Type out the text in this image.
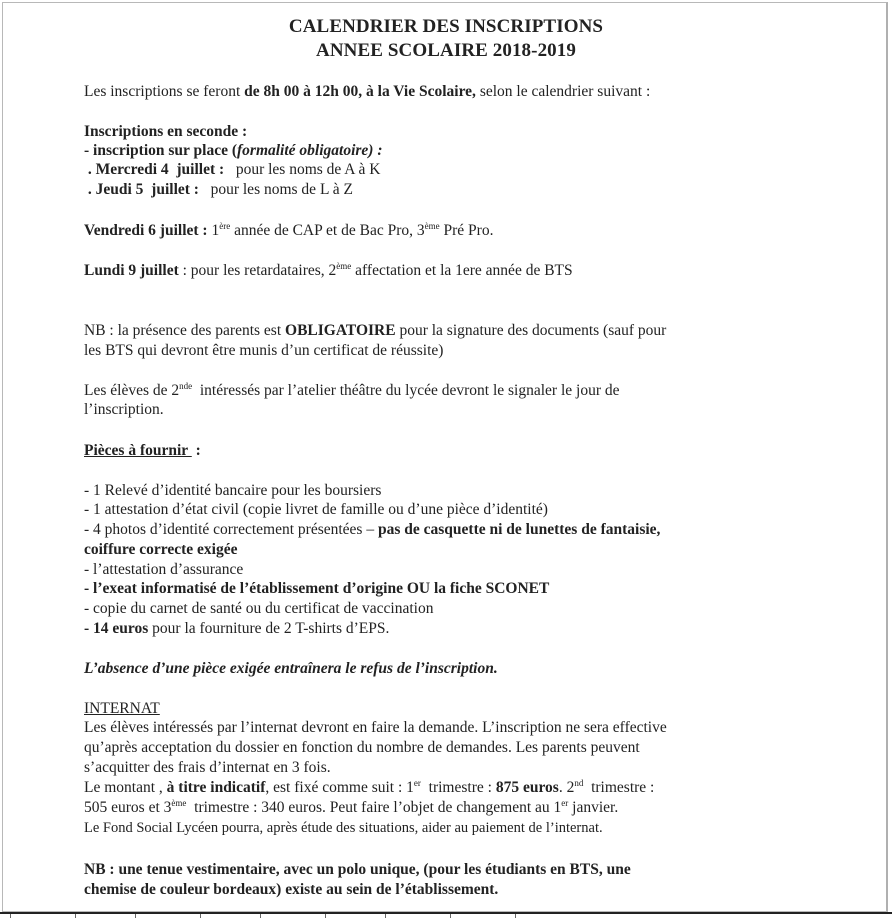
CALENDRIER DES INSCRIPTIONS
ANNEE SCOLAIRE 2018-2019
Les inscriptions se feront de 8h 00 à 12h 00, à la Vie Scolaire, selon le calendrier suivant :
Inscriptions en seconde :
- inscription sur place (formalité obligatoire) :
. Mercredi 4  juillet :   pour les noms de A à K
. Jeudi 5  juillet :   pour les noms de L à Z
Vendredi 6 juillet : 1ère année de CAP et de Bac Pro, 3ème Pré Pro.
Lundi 9 juillet : pour les retardataires, 2ème affectation et la 1ere année de BTS
NB : la présence des parents est OBLIGATOIRE pour la signature des documents (sauf pour
les BTS qui devront être munis d’un certificat de réussite)
Les élèves de 2nde  intéressés par l’atelier théâtre du lycée devront le signaler le jour de
l’inscription.
Pièces à fournir  :
- 1 Relevé d’identité bancaire pour les boursiers
- 1 attestation d’état civil (copie livret de famille ou d’une pièce d’identité)
- 4 photos d’identité correctement présentées – pas de casquette ni de lunettes de fantaisie,
coiffure correcte exigée
- l’attestation d’assurance
- l’exeat informatisé de l’établissement d’origine OU la fiche SCONET
- copie du carnet de santé ou du certificat de vaccination
- 14 euros pour la fourniture de 2 T-shirts d’EPS.
L’absence d’une pièce exigée entraînera le refus de l’inscription.
INTERNAT
Les élèves intéressés par l’internat devront en faire la demande. L’inscription ne sera effective
qu’après acceptation du dossier en fonction du nombre de demandes. Les parents peuvent
s’acquitter des frais d’internat en 3 fois.
Le montant , à titre indicatif, est fixé comme suit : 1er  trimestre : 875 euros. 2nd  trimestre :
505 euros et 3ème  trimestre : 340 euros. Peut faire l’objet de changement au 1er janvier.
Le Fond Social Lycéen pourra, après étude des situations, aider au paiement de l’internat.
NB : une tenue vestimentaire, avec un polo unique, (pour les étudiants en BTS, une
chemise de couleur bordeaux) existe au sein de l’établissement.
